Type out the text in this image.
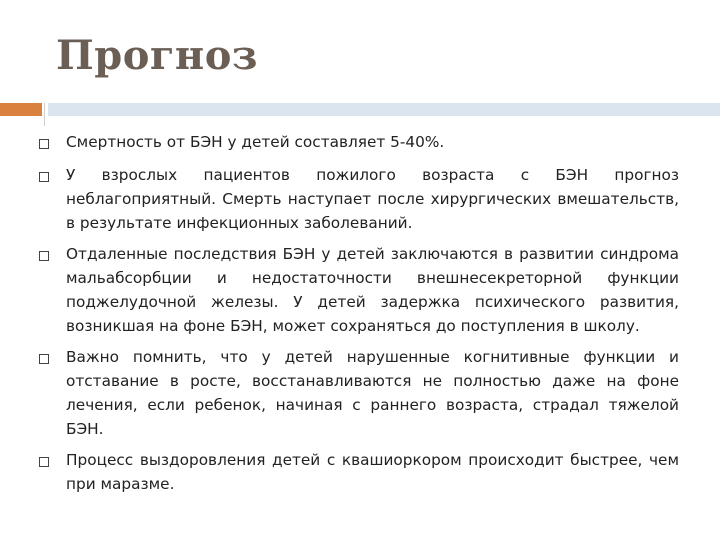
Прогноз
Смертность от БЭН у детей составляет 5-40%.
У взрослых пациентов пожилого возраста с БЭН прогноз неблагоприятный. Смерть наступает после хирургических вмешательств, в результате инфекционных заболеваний.
Отдаленные последствия БЭН у детей заключаются в развитии синдрома мальабсорбции и недостаточности внешнесекреторной функции поджелудочной железы. У детей задержка психического развития, возникшая на фоне БЭН, может сохраняться до поступления в школу.
Важно помнить, что у детей нарушенные когнитивные функции и отставание в росте, восстанавливаются не полностью даже на фоне лечения, если ребенок, начиная с раннего возраста, страдал тяжелой БЭН.
Процесс выздоровления детей с квашиоркором происходит быстрее, чем при маразме.
